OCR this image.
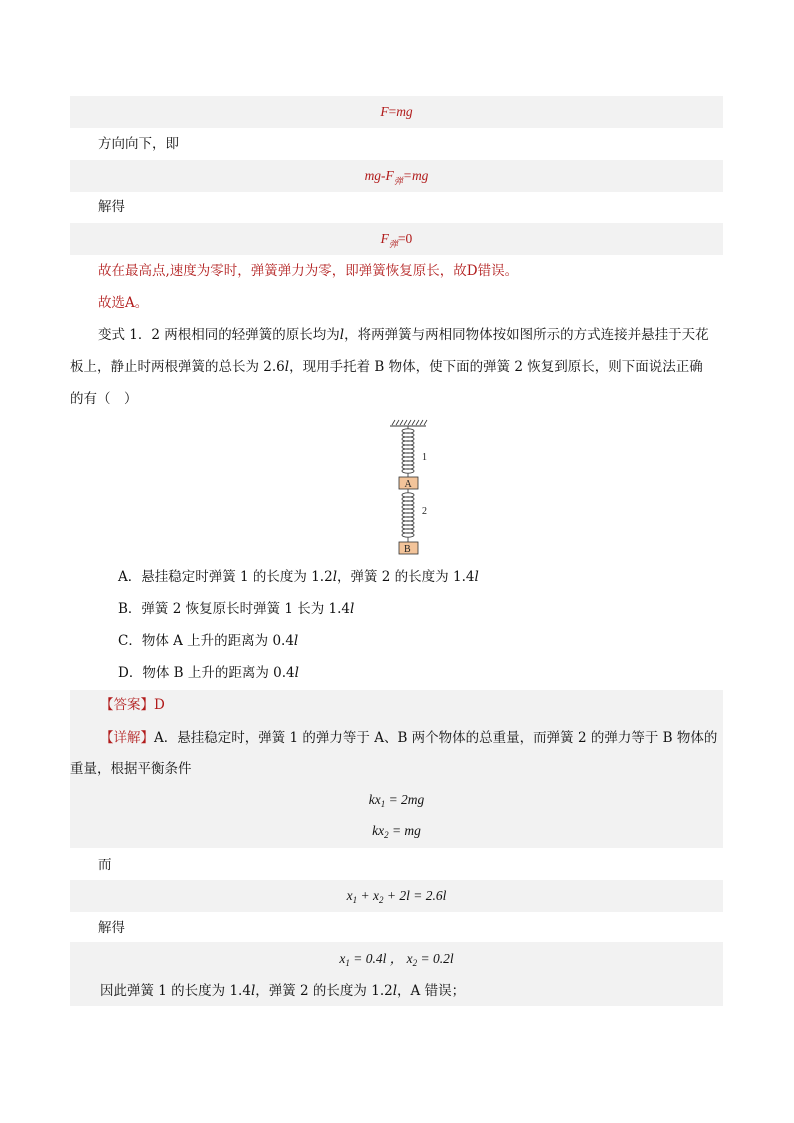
F=mg
方向向下，即
$mg-F_弹=mg$
解得
$F_弹=0$
故在最高点,速度为零时，弹簧弹力为零，即弹簧恢复原长，故D错误。
故选A。
变式 1．2 两根相同的轻弹簧的原长均为l，将两弹簧与两相同物体按如图所示的方式连接并悬挂于天花
板上，静止时两根弹簧的总长为 2.6l，现用手托着 B 物体，使下面的弹簧 2 恢复到原长，则下面说法正确
的有（　）
1
A
2
B
A．悬挂稳定时弹簧 1 的长度为 1.2l，弹簧 2 的长度为 1.4l
B．弹簧 2 恢复原长时弹簧 1 长为 1.4l
C．物体 A 上升的距离为 0.4l
D．物体 B 上升的距离为 0.4l
【答案】D
【详解】A．悬挂稳定时，弹簧 1 的弹力等于 A、B 两个物体的总重量，而弹簧 2 的弹力等于 B 物体的
重量，根据平衡条件
$kx_1 = 2mg$
$kx_2$ = mg
而
$x_1 + x_2 + 2l = 2.6l$
解得
$x_1 = 0.4l$ ， $x_2 = 0.2l$
因此弹簧 1 的长度为 1.4l，弹簧 2 的长度为 1.2l，A 错误；
